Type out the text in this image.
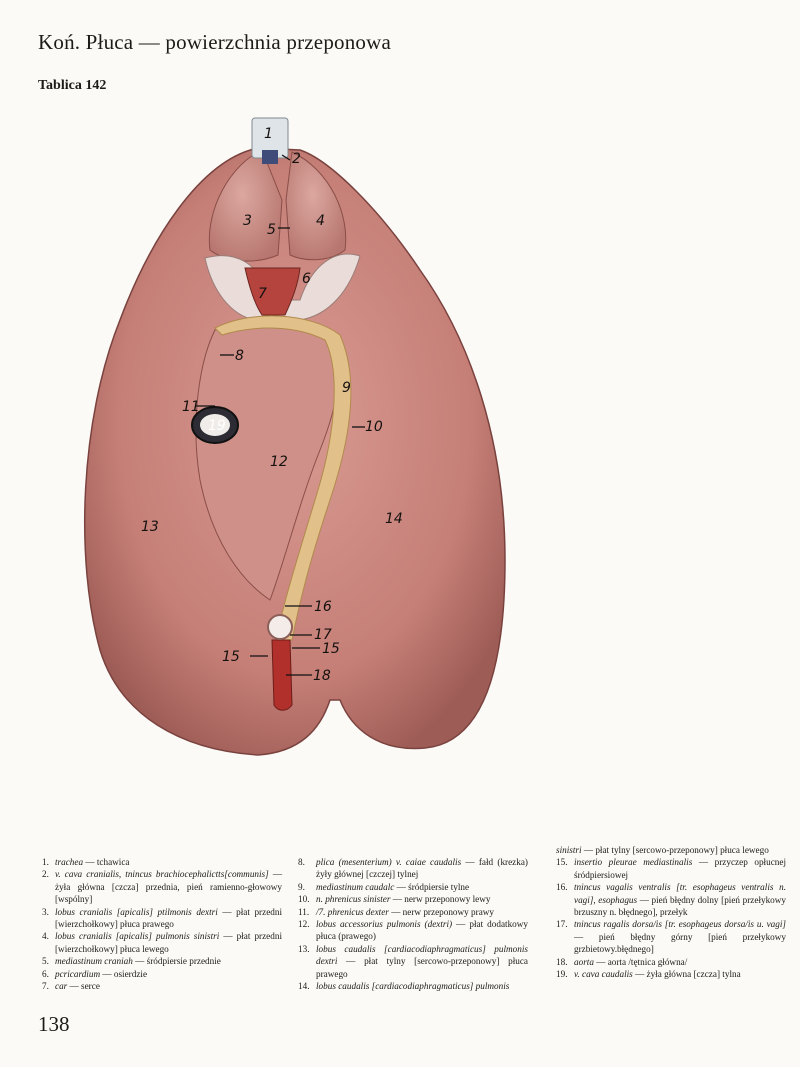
Koń. Płuca — powierzchnia przeponowa
Tablica 142
1
2
3	4
5
6
7
8
9
10
11
12
13	14
15	15
16
17
18
19
1. trachea — tchawica
2. v. cava cranialis, tnincus brachiocephalictts[communis] — żyła główna [czcza] przednia, pień ramienno-głowowy [wspólny]
3. lobus cranialis [apicalis] ptilmonis dextri — płat przedni [wierzchołkowy] płuca prawego
4. lobus cranialis [apicalis] pulmonis sinistri — płat przedni [wierzchołkowy] płuca lewego
5. mediastinum craniah — śródpiersie przednie
6. pcricardium — osierdzie
7. car — serce
8.	plica (mesenterium) v. caiae caudalis — fałd (krezka) żyły głównej [czczej] tylnej
9.	mediastinum caudalc — śródpiersie tylne
10. n. phrenicus sinister — nerw przeponowy lewy
11. /7. phrenicus dexter — nerw przeponowy prawy
12. lobus accessorius pulmonis (dextri) — płat dodatkowy płuca (prawego)
13. lobus caudalis [cardiacodiaphragmaticus] pulmonis dextri — płat tylny [sercowo-przeponowy] płuca prawego
14. lobus caudalis [cardiacodiaphragmaticus] pulmonis
sinistri — płat tylny [sercowo-przeponowy] płuca lewego
15. insertio pleurae mediastinalis — przyczep opłucnej śródpiersiowej
16. tnincus vagalis ventralis [tr. esophageus ventralis n. vagi], esophagus — pień błędny dolny [pień przełykowy brzuszny n. błędnego], przełyk
17. tnincus ragalis dorsa/is [tr. esophageus dorsa/is u. vagi] — pień błędny górny [pień przełykowy grzbietowy.błędnego]
18. aorta — aorta /tętnica główna/
19. v. cava caudalis — żyła główna [czcza] tylna
138
